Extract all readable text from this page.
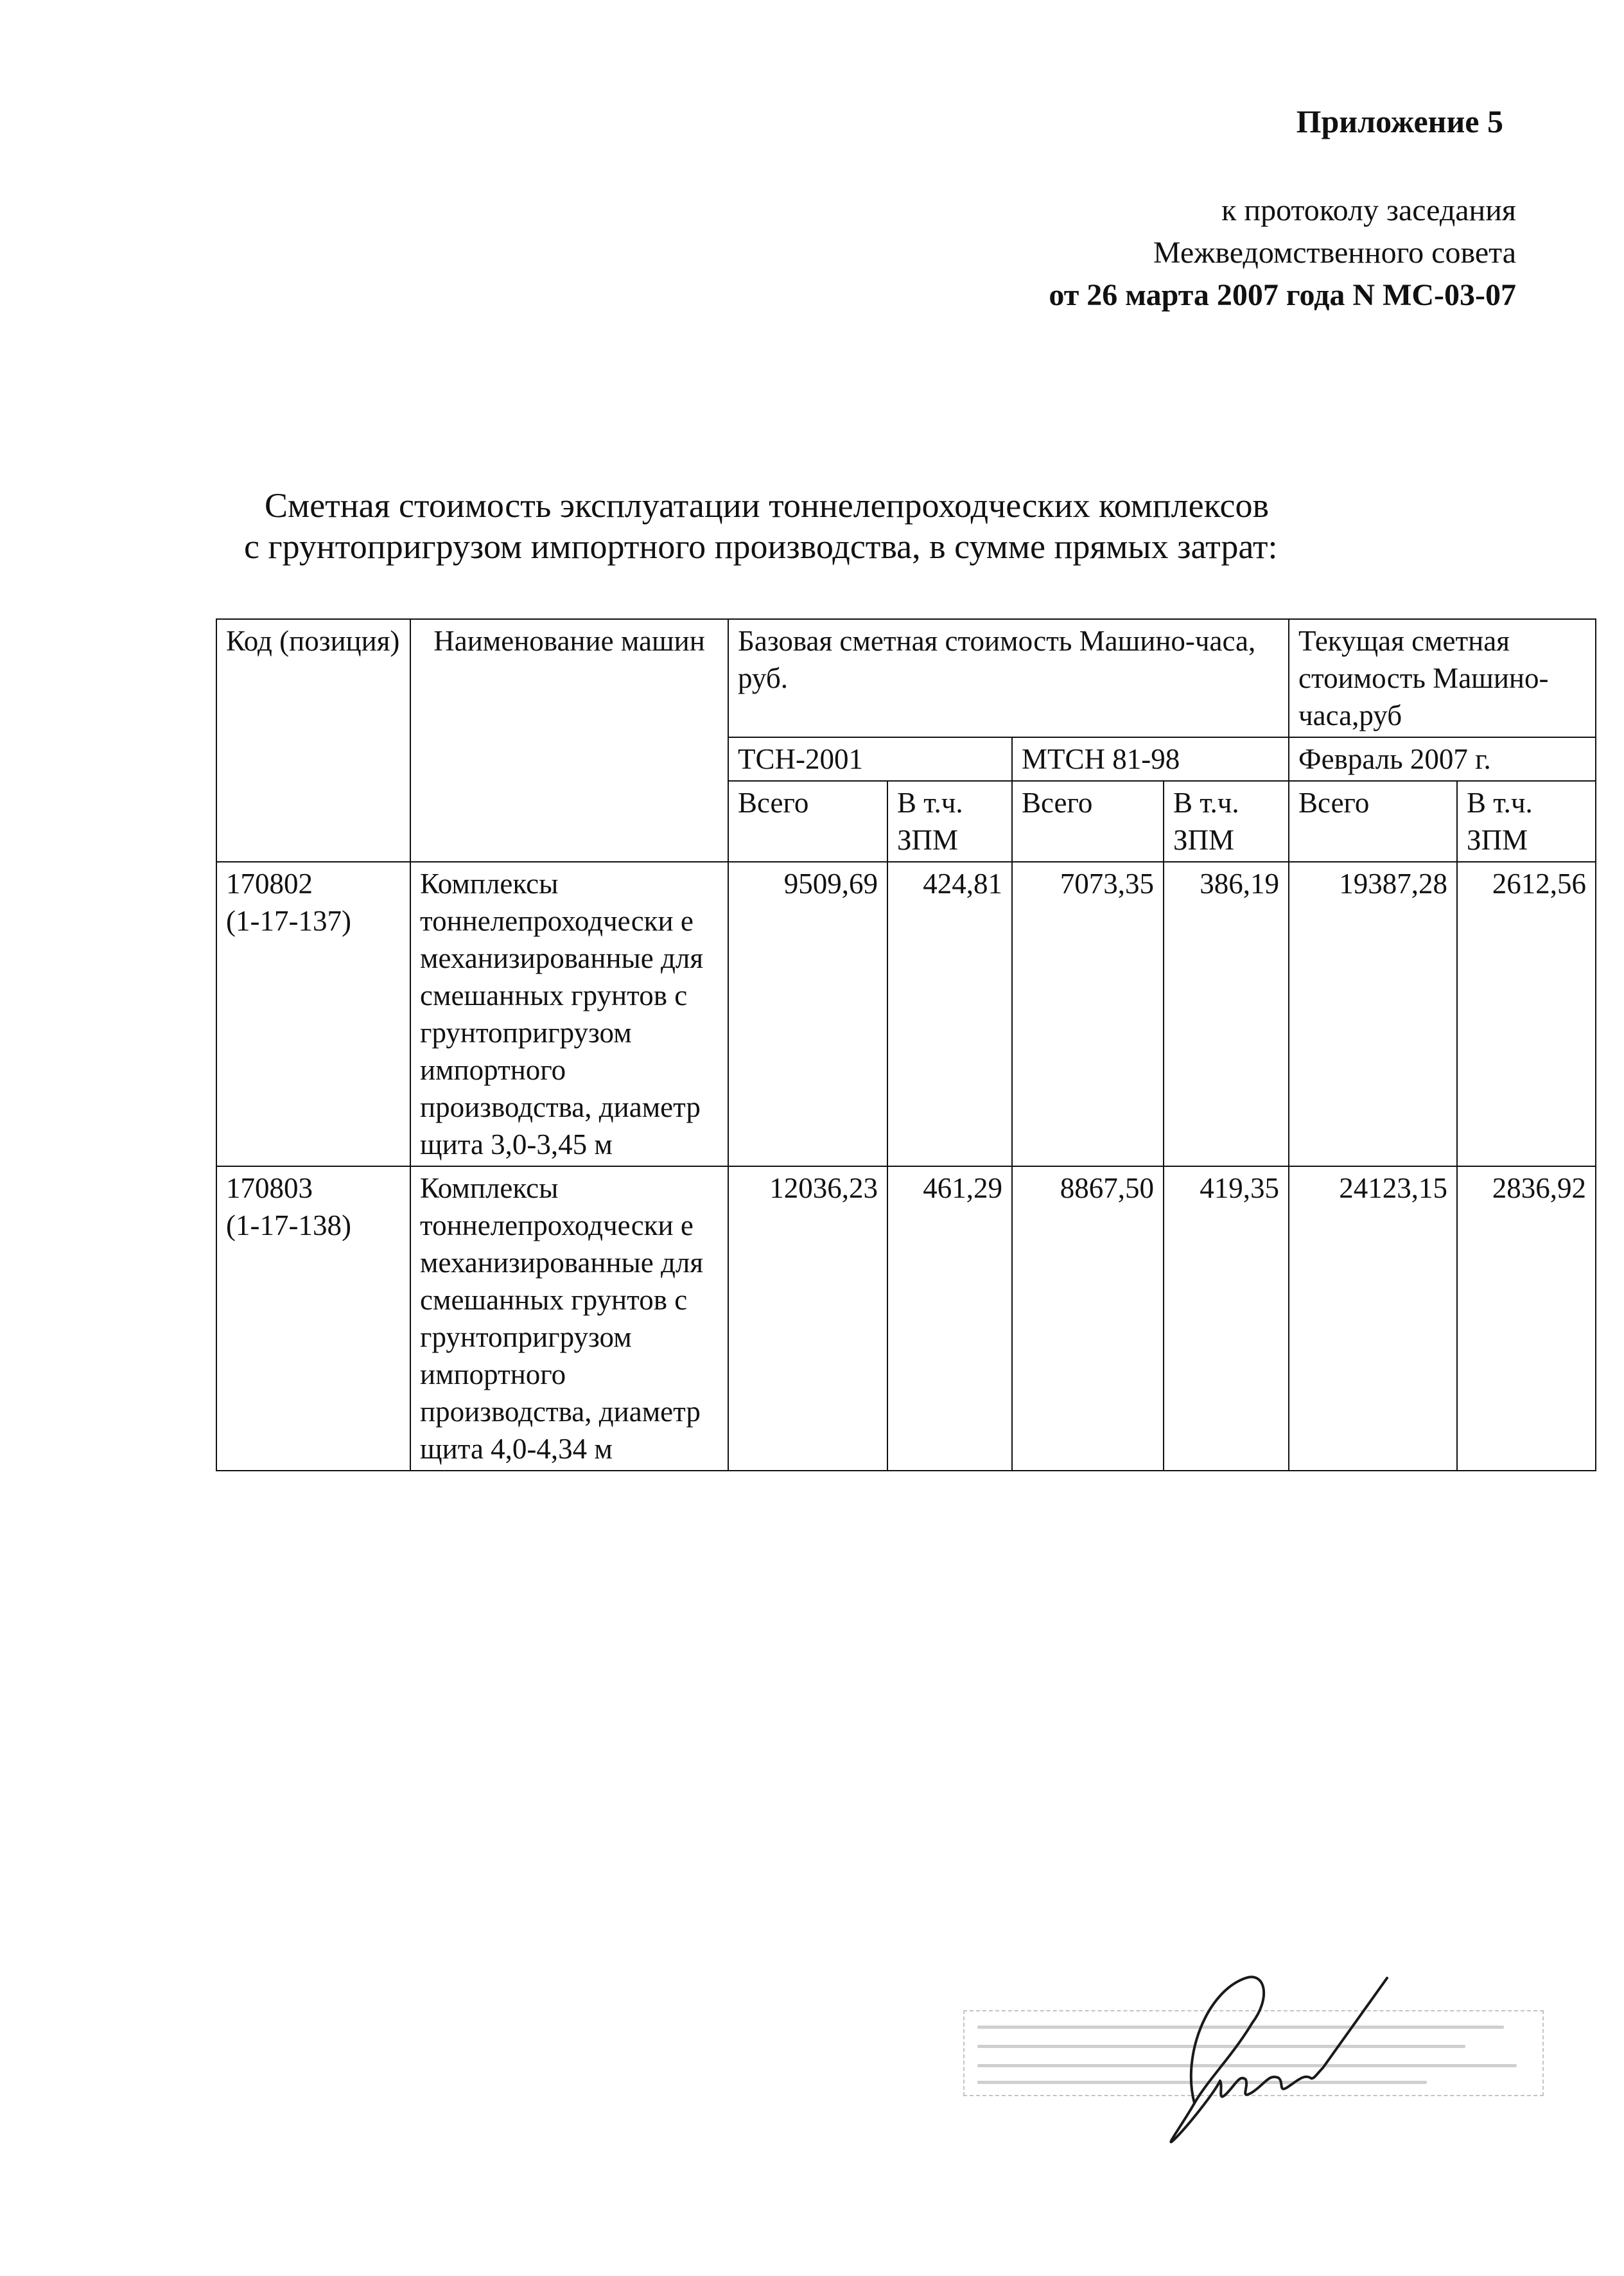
Приложение 5
к протоколу заседания
Межведомственного совета
от 26 марта 2007 года N МС-03-07
Сметная стоимость эксплуатации тоннелепроходческих комплексов
с грунтопригрузом импортного производства, в сумме прямых затрат:
Код (позиция)	Наименование машин	Базовая сметная стоимость Машино-часа, руб.				Текущая сметная стоимость Машино-часа,руб	
		ТСН-2001		МТСН 81-98		Февраль 2007 г.	
		Всего	В т.ч. ЗПМ	Всего	В т.ч. ЗПМ	Всего	В т.ч. ЗПМ

170802
(1-17-137)	Комплексы тоннелепроходчески е механизированные для смешанных грунтов с грунтопригрузом импортного производства, диаметр щита 3,0-3,45 м	9509,69	424,81	7073,35	386,19	19387,28	2612,56

170803
(1-17-138)	Комплексы тоннелепроходчески е механизированные для смешанных грунтов с грунтопригрузом импортного производства, диаметр щита 4,0-4,34 м	12036,23	461,29	8867,50	419,35	24123,15	2836,92
